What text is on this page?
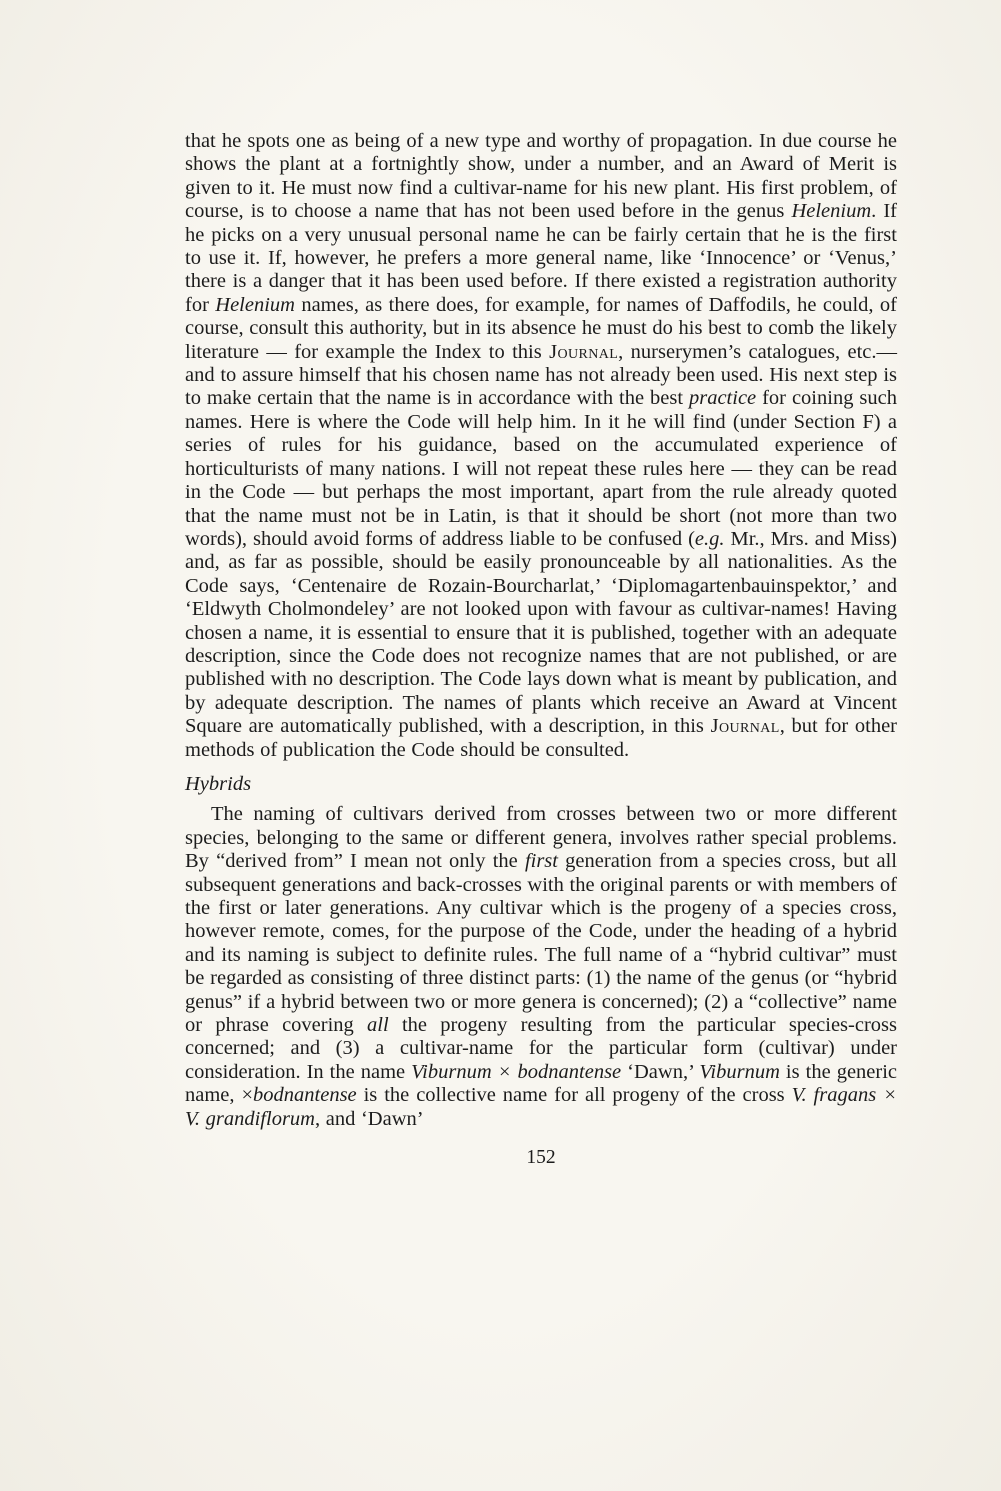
that he spots one as being of a new type and worthy of propagation. In due course he shows the plant at a fortnightly show, under a number, and an Award of Merit is given to it. He must now find a cultivar-name for his new plant. His first problem, of course, is to choose a name that has not been used before in the genus Helenium. If he picks on a very unusual personal name he can be fairly certain that he is the first to use it. If, however, he prefers a more general name, like ‘Innocence’ or ‘Venus,’ there is a danger that it has been used before. If there existed a registration authority for Helenium names, as there does, for example, for names of Daffodils, he could, of course, consult this authority, but in its absence he must do his best to comb the likely literature — for example the Index to this Journal, nurserymen’s catalogues, etc.—and to assure himself that his chosen name has not already been used. His next step is to make certain that the name is in accordance with the best practice for coining such names. Here is where the Code will help him. In it he will find (under Section F) a series of rules for his guidance, based on the accumulated experience of horticulturists of many nations. I will not repeat these rules here — they can be read in the Code — but perhaps the most important, apart from the rule already quoted that the name must not be in Latin, is that it should be short (not more than two words), should avoid forms of address liable to be confused (e.g. Mr., Mrs. and Miss) and, as far as possible, should be easily pronounceable by all nationalities. As the Code says, ‘Centenaire de Rozain-Bourcharlat,’ ‘Diplomagartenbauinspektor,’ and ‘Eldwyth Cholmondeley’ are not looked upon with favour as cultivar-names! Having chosen a name, it is essential to ensure that it is published, together with an adequate description, since the Code does not recognize names that are not published, or are published with no description. The Code lays down what is meant by publication, and by adequate description. The names of plants which receive an Award at Vincent Square are automatically published, with a description, in this Journal, but for other methods of publication the Code should be consulted.

Hybrids

The naming of cultivars derived from crosses between two or more different species, belonging to the same or different genera, involves rather special problems. By “derived from” I mean not only the first generation from a species cross, but all subsequent generations and back-crosses with the original parents or with members of the first or later generations. Any cultivar which is the progeny of a species cross, however remote, comes, for the purpose of the Code, under the heading of a hybrid and its naming is subject to definite rules. The full name of a “hybrid cultivar” must be regarded as consisting of three distinct parts: (1) the name of the genus (or “hybrid genus” if a hybrid between two or more genera is concerned); (2) a “collective” name or phrase covering all the progeny resulting from the particular species-cross concerned; and (3) a cultivar-name for the particular form (cultivar) under consideration. In the name Viburnum × bodnantense ‘Dawn,’ Viburnum is the generic name, ×bodnantense is the collective name for all progeny of the cross V. fragans × V. grandiflorum, and ‘Dawn’

152
